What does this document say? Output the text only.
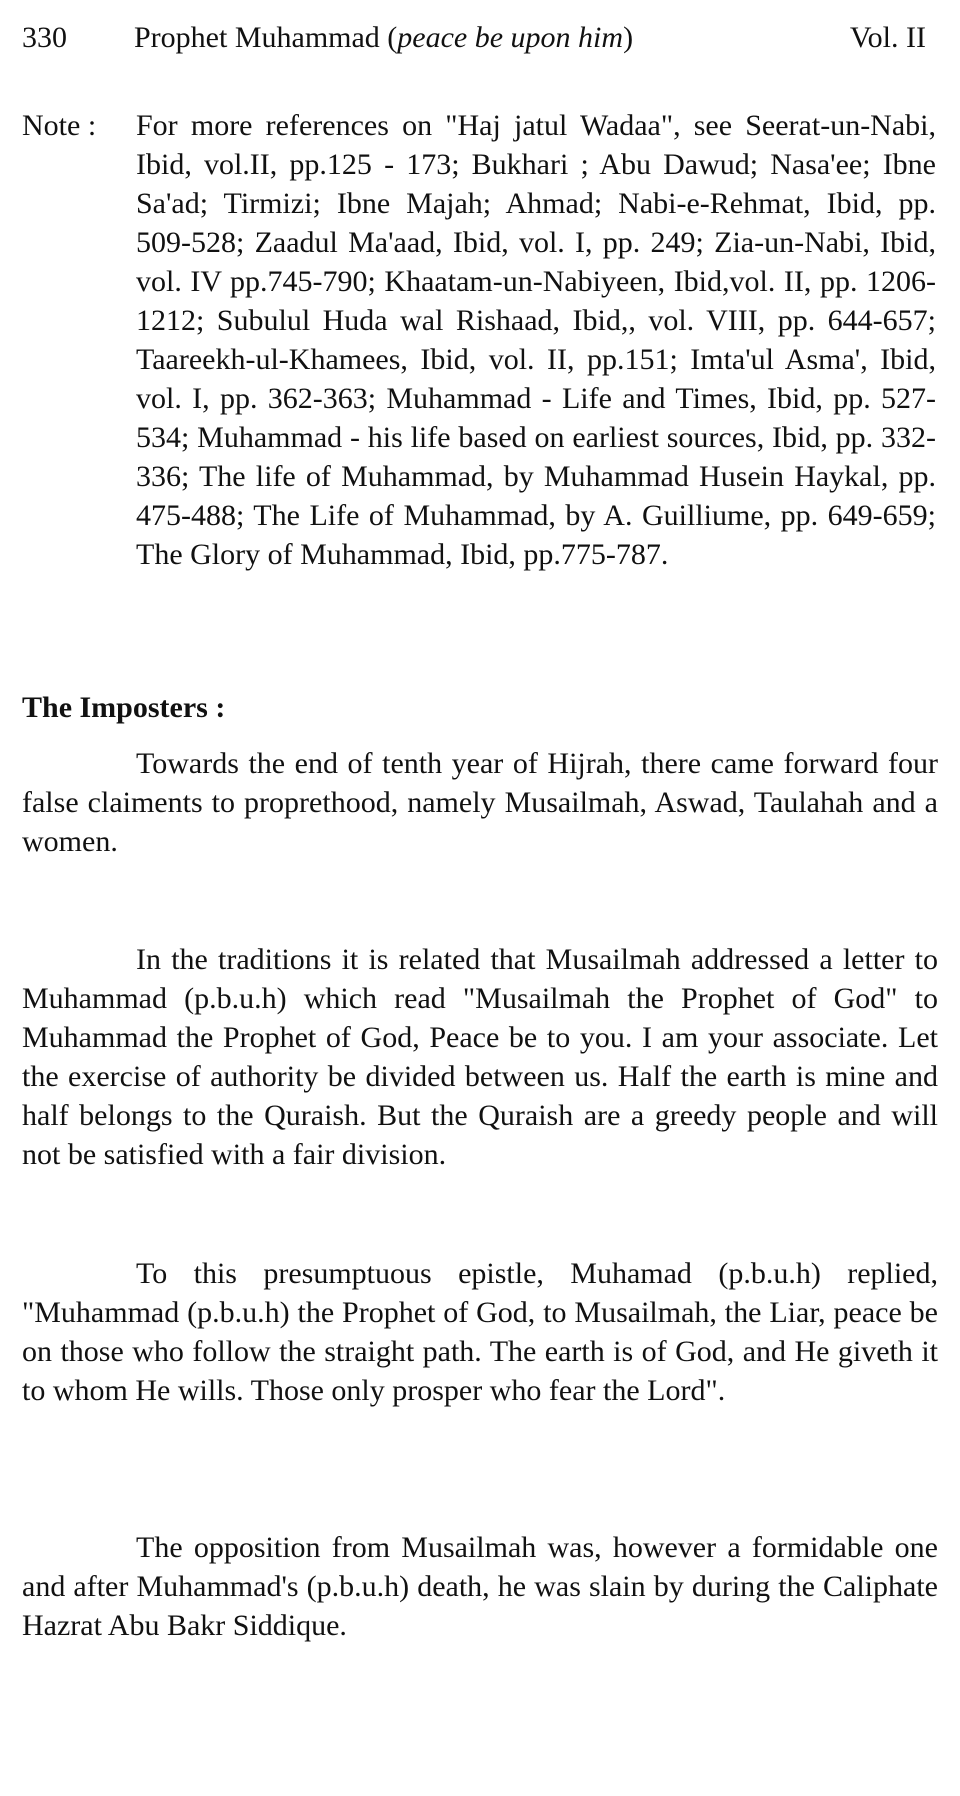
330 Prophet Muhammad (peace be upon him)	Vol. II
Note : For more references on "Haj jatul Wadaa", see Seerat-un-Nabi, Ibid, vol.II, pp.125 - 173; Bukhari ; Abu Dawud; Nasa'ee; Ibne Sa'ad; Tirmizi; Ibne Majah; Ahmad; Nabi-e-Rehmat, Ibid, pp. 509-528; Zaadul Ma'aad, Ibid, vol. I, pp. 249; Zia-un-Nabi, Ibid, vol. IV pp.745-790; Khaatam-un-Nabiyeen, Ibid,vol. II, pp. 1206-1212; Subulul Huda wal Rishaad, Ibid,, vol. VIII, pp. 644-657; Taareekh-ul-Khamees, Ibid, vol. II, pp.151; Imta'ul Asma', Ibid, vol. I, pp. 362-363; Muhammad - Life and Times, Ibid, pp. 527-534; Muhammad - his life based on earliest sources, Ibid, pp. 332-336; The life of Muhammad, by Muhammad Husein Haykal, pp. 475-488; The Life of Muhammad, by A. Guilliume, pp. 649-659; The Glory of Muhammad, Ibid, pp.775-787.
The Imposters :

Towards the end of tenth year of Hijrah, there came forward four false claiments to proprethood, namely Musailmah, Aswad, Taulahah and a women.

In the traditions it is related that Musailmah addressed a letter to Muhammad (p.b.u.h) which read "Musailmah the Prophet of God" to Muhammad the Prophet of God, Peace be to you. I am your associate. Let the exercise of authority be divided between us. Half the earth is mine and half belongs to the Quraish. But the Quraish are a greedy people and will not be satisfied with a fair division.

To this presumptuous epistle, Muhamad (p.b.u.h) replied, "Muhammad (p.b.u.h) the Prophet of God, to Musailmah, the Liar, peace be on those who follow the straight path. The earth is of God, and He giveth it to whom He wills. Those only prosper who fear the Lord".

The opposition from Musailmah was, however a formidable one and after Muhammad's (p.b.u.h) death, he was slain by during the Caliphate Hazrat Abu Bakr Siddique.
